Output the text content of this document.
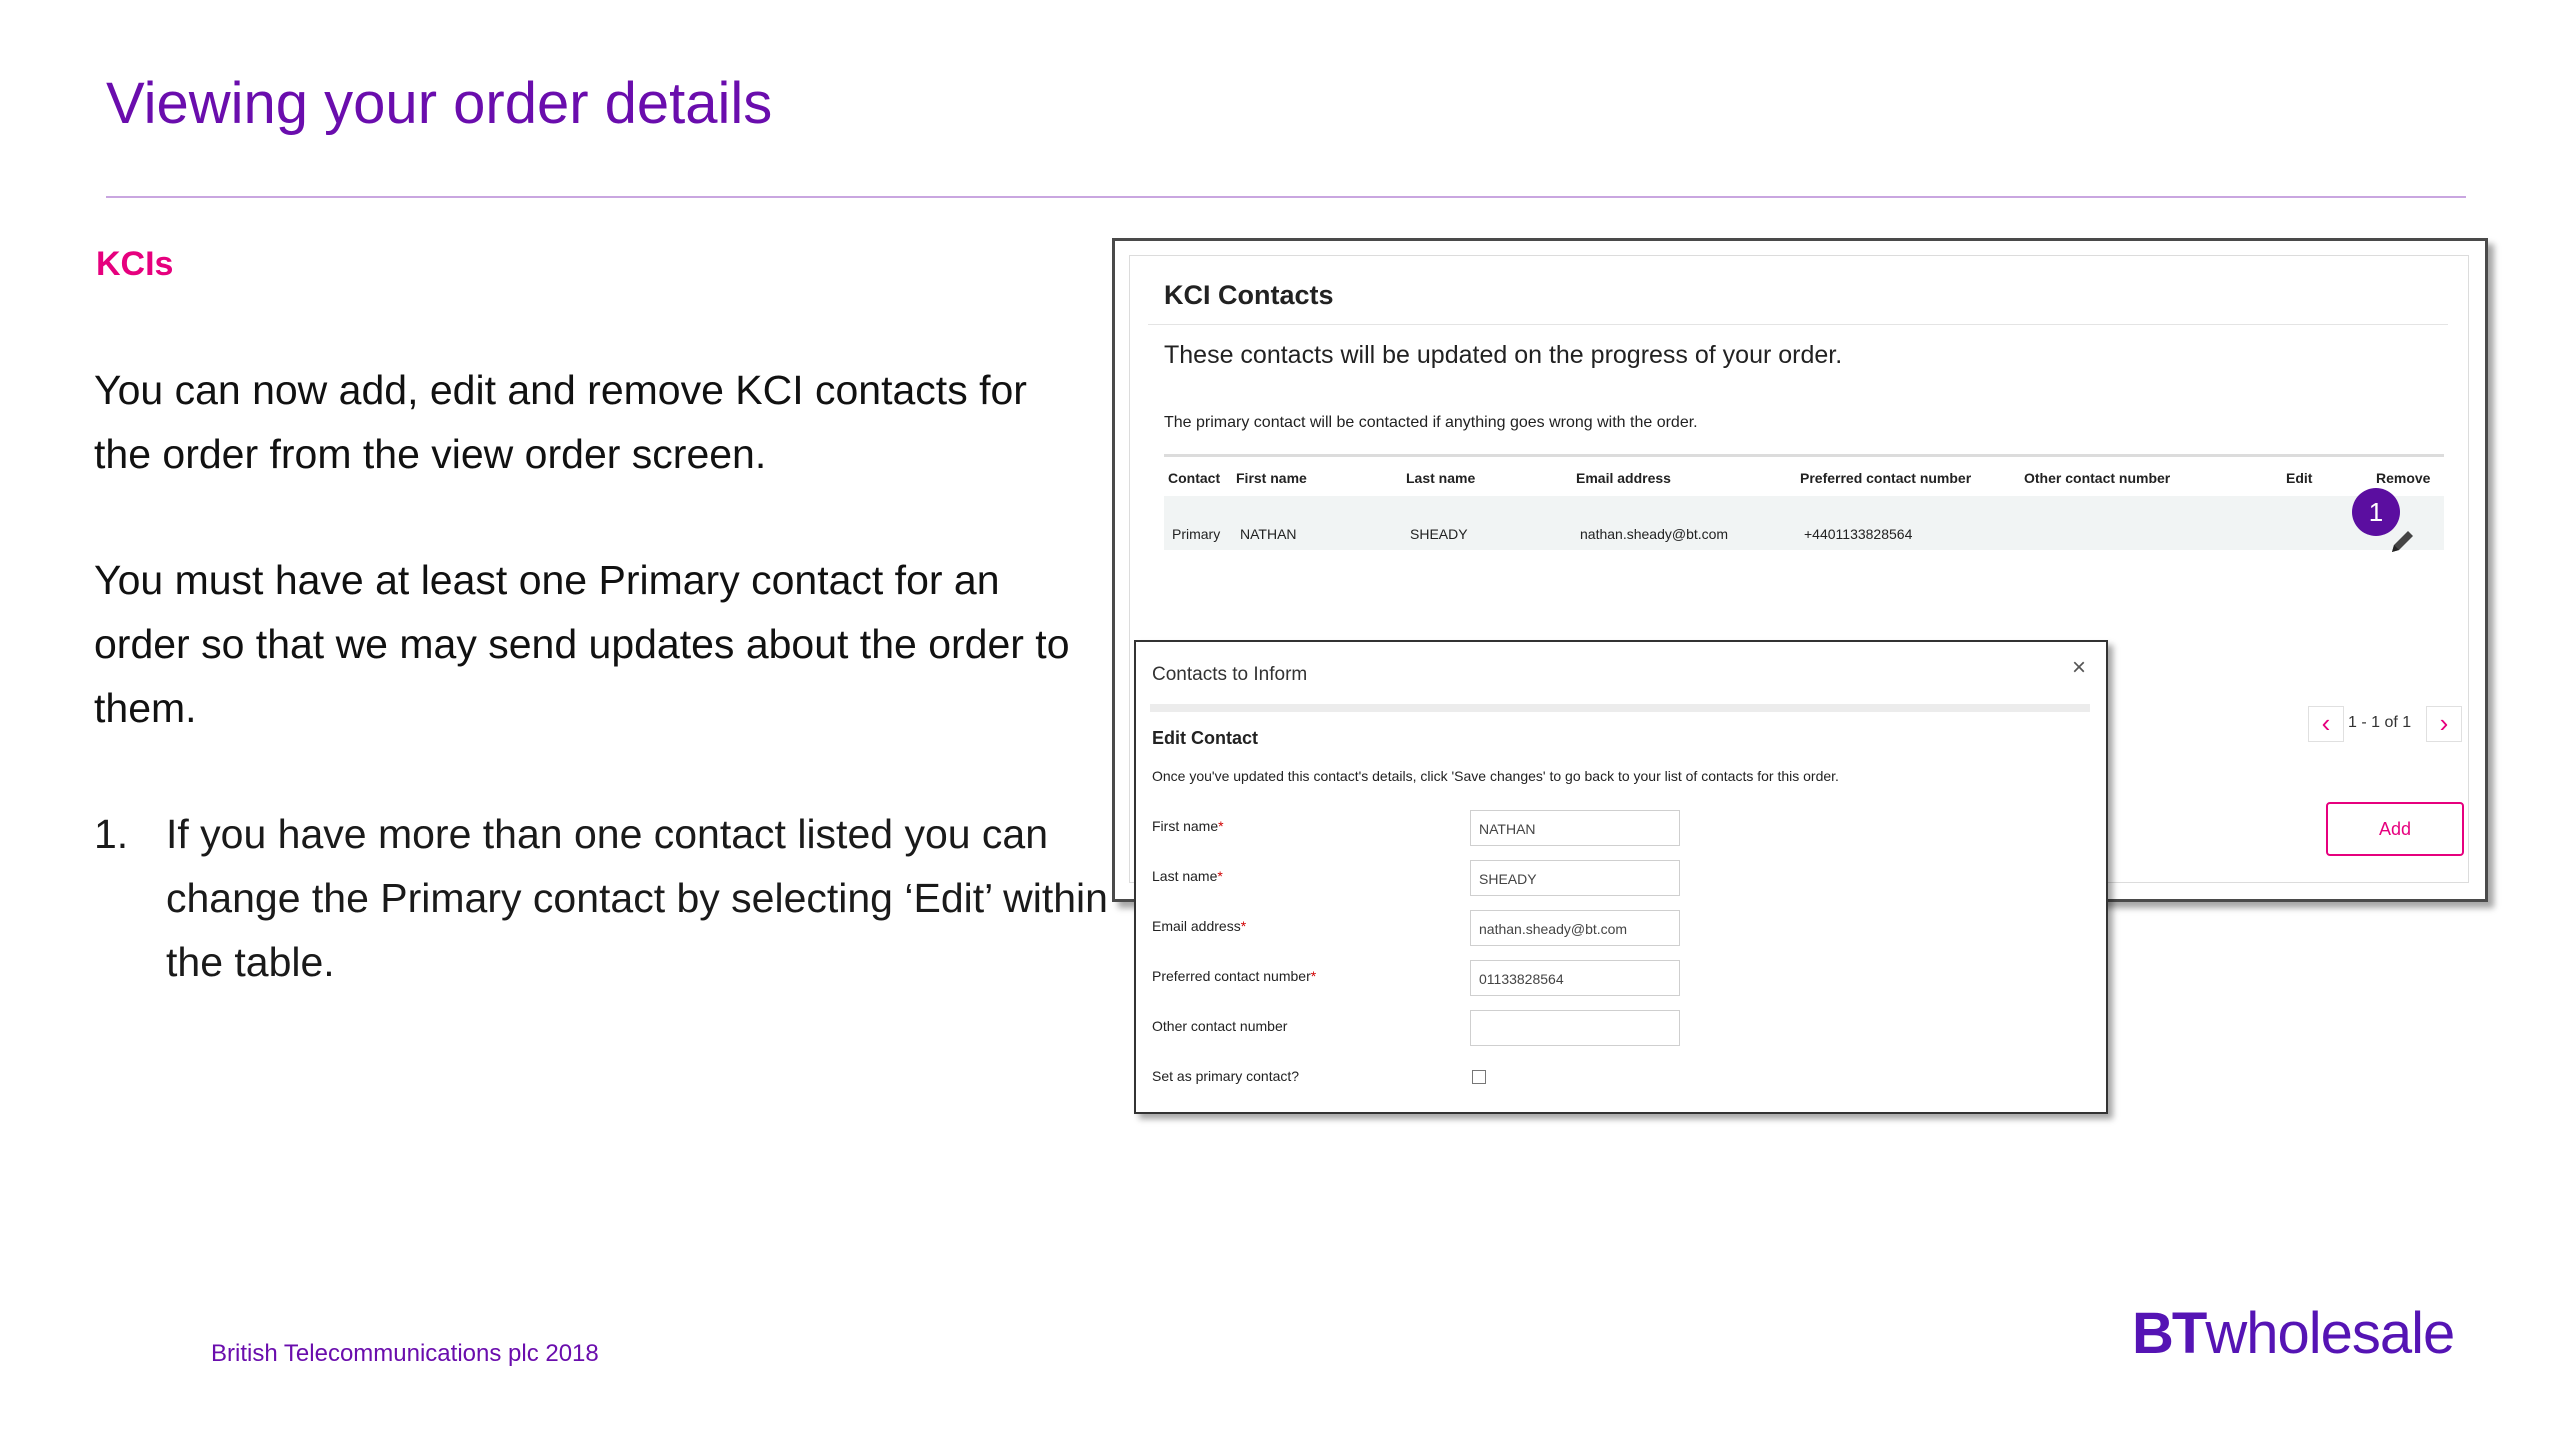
Viewing your order details
KCIs
You can now add, edit and remove KCI contacts for the order from the view order screen.
You must have at least one Primary contact for an order so that we may send updates about the order to them.
1. If you have more than one contact listed you can change the Primary contact by selecting ‘Edit’ within the table.
British Telecommunications plc 2018	BTwholesale
KCI Contacts
These contacts will be updated on the progress of your order.
The primary contact will be contacted if anything goes wrong with the order.
Contact First name	Last name	Email address	Preferred contact number	Other contact number	Edit	Remove
Primary NATHAN	SHEADY	nathan.sheady@bt.com	+4401133828564
1
‹	1 - 1 of 1	›
Add
Contacts to Inform	×
Edit Contact
Once you've updated this contact's details, click 'Save changes' to go back to your list of contacts for this order.
First name*	NATHAN
Last name*	SHEADY
Email address*	nathan.sheady@bt.com
Preferred contact number*	01133828564
Other contact number
Set as primary contact?
